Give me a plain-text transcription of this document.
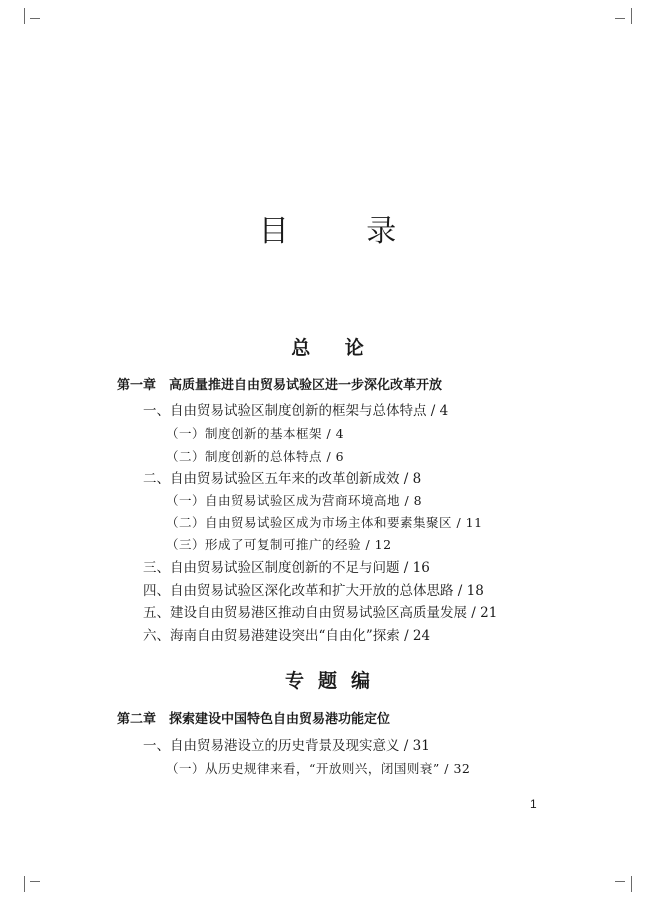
目 录
总 论
第一章 高质量推进自由贸易试验区进一步深化改革开放
一、自由贸易试验区制度创新的框架与总体特点 / 4
（一）制度创新的基本框架 / 4
（二）制度创新的总体特点 / 6
二、自由贸易试验区五年来的改革创新成效 / 8
（一）自由贸易试验区成为营商环境高地 / 8
（二）自由贸易试验区成为市场主体和要素集聚区 / 11
（三）形成了可复制可推广的经验 / 12
三、自由贸易试验区制度创新的不足与问题 / 16
四、自由贸易试验区深化改革和扩大开放的总体思路 / 18
五、建设自由贸易港区推动自由贸易试验区高质量发展 / 21
六、海南自由贸易港建设突出“自由化”探索 / 24
专题编
第二章 探索建设中国特色自由贸易港功能定位
一、自由贸易港设立的历史背景及现实意义 / 31
（一）从历史规律来看，“开放则兴，闭国则衰” / 32
1
